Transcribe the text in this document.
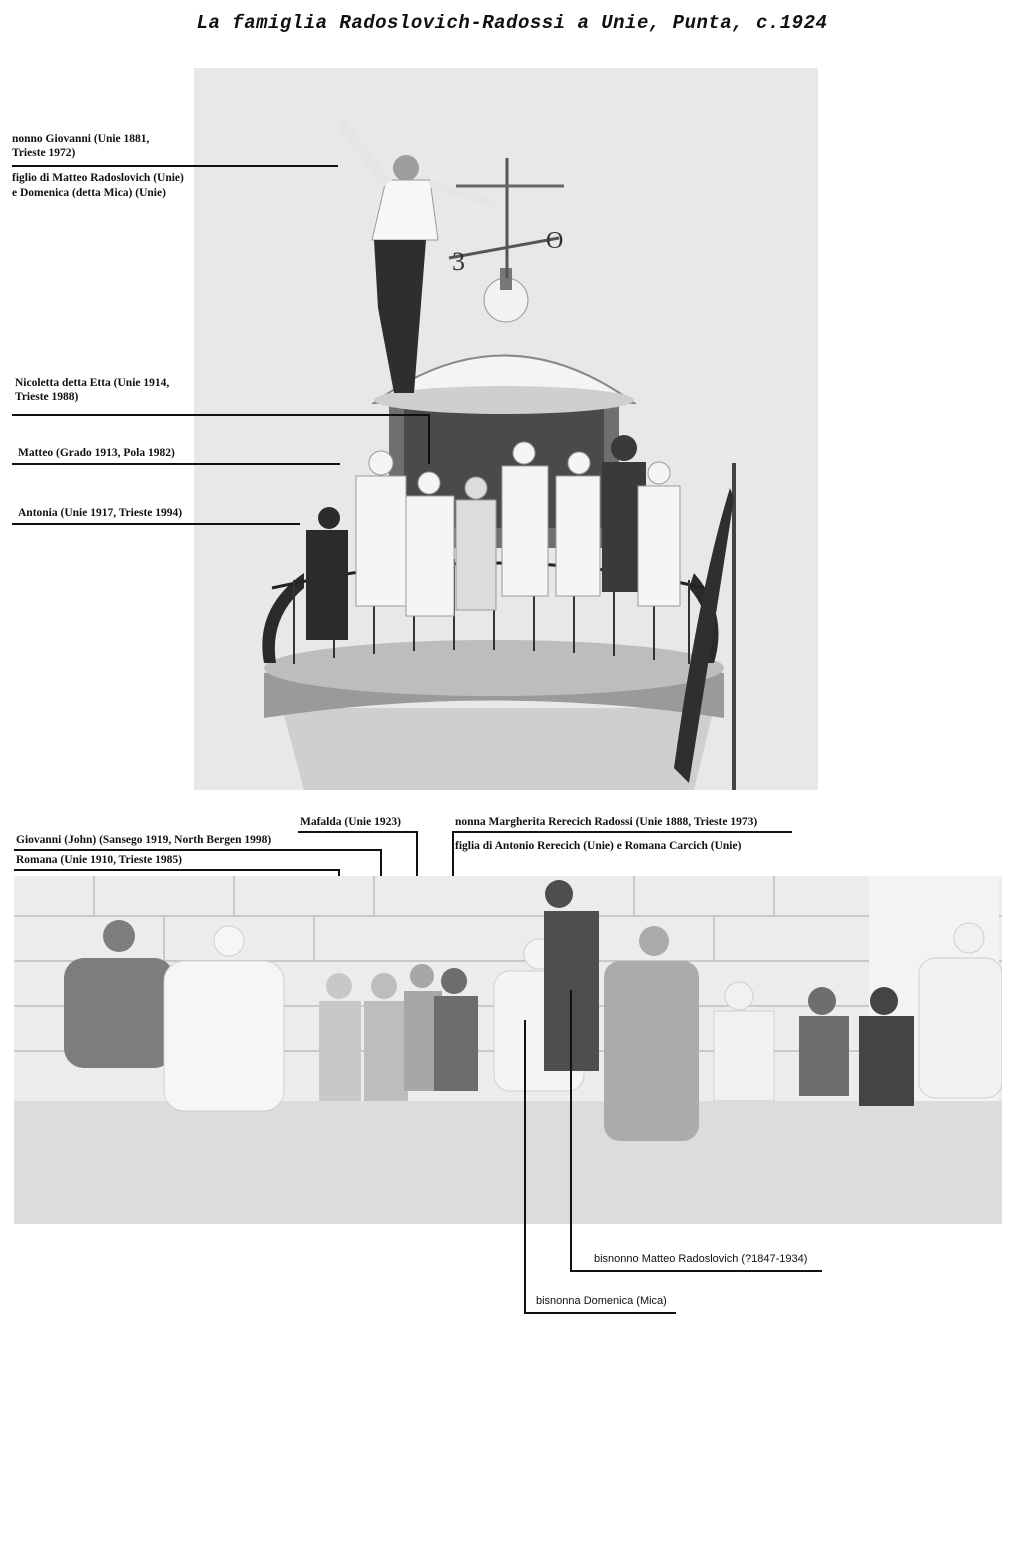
La famiglia Radoslovich-Radossi a Unie, Punta, c.1924
3
O
nonno Giovanni (Unie 1881,
Trieste 1972)
figlio di Matteo Radoslovich (Unie)
e Domenica (detta Mica) (Unie)
Nicoletta detta Etta (Unie 1914,
Trieste 1988)
Matteo (Grado 1913, Pola 1982)
Antonia (Unie 1917, Trieste 1994)
Mafalda (Unie 1923)	nonna Margherita Rerecich Radossi (Unie 1888, Trieste 1973)
figlia di Antonio Rerecich (Unie) e Romana Carcich (Unie)
Giovanni (John) (Sansego 1919, North Bergen 1998)
Romana (Unie 1910, Trieste 1985)
bisnonno Matteo Radoslovich (?1847-1934)
bisnonna Domenica (Mica)
